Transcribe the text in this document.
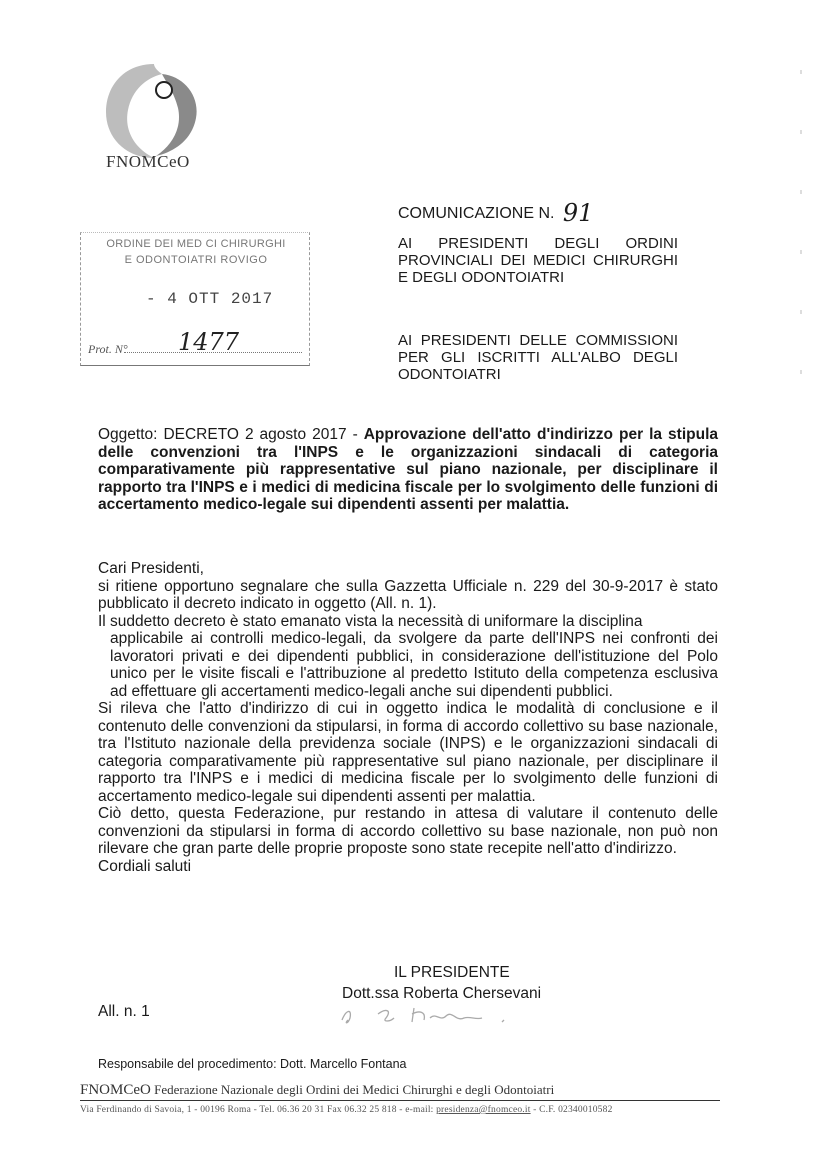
FNOMCeO
COMUNICAZIONE N. 91
AI PRESIDENTI DEGLI ORDINI PROVINCIALI DEI MEDICI CHIRURGHI E DEGLI ODONTOIATRI
AI PRESIDENTI DELLE COMMISSIONI PER GLI ISCRITTI ALL'ALBO DEGLI ODONTOIATRI
ORDINE DEI MED CI CHIRURGHI
E ODONTOIATRI ROVIGO
- 4 OTT 2017
Prot. N° 1477
Oggetto: DECRETO 2 agosto 2017 - Approvazione dell'atto d'indirizzo per la stipula delle convenzioni tra l'INPS e le organizzazioni sindacali di categoria comparativamente più rappresentative sul piano nazionale, per disciplinare il rapporto tra l'INPS e i medici di medicina fiscale per lo svolgimento delle funzioni di accertamento medico-legale sui dipendenti assenti per malattia.

Cari Presidenti,

si ritiene opportuno segnalare che sulla Gazzetta Ufficiale n. 229 del 30-9-2017 è stato pubblicato il decreto indicato in oggetto (All. n. 1).

Il suddetto decreto è stato emanato vista la necessità di uniformare la disciplina

applicabile ai controlli medico-legali, da svolgere da parte dell'INPS nei confronti dei lavoratori privati e dei dipendenti pubblici, in considerazione dell'istituzione del Polo unico per le visite fiscali e l'attribuzione al predetto Istituto della competenza esclusiva ad effettuare gli accertamenti medico-legali anche sui dipendenti pubblici.

Si rileva che l'atto d'indirizzo di cui in oggetto indica le modalità di conclusione e il contenuto delle convenzioni da stipularsi, in forma di accordo collettivo su base nazionale, tra l'Istituto nazionale della previdenza sociale (INPS) e le organizzazioni sindacali di categoria comparativamente più rappresentative sul piano nazionale, per disciplinare il rapporto tra l'INPS e i medici di medicina fiscale per lo svolgimento delle funzioni di accertamento medico-legale sui dipendenti assenti per malattia.

Ciò detto, questa Federazione, pur restando in attesa di valutare il contenuto delle convenzioni da stipularsi in forma di accordo collettivo su base nazionale, non può non rilevare che gran parte delle proprie proposte sono state recepite nell'atto d'indirizzo.

Cordiali saluti

IL PRESIDENTE
Dott.ssa Roberta Chersevani
All. n. 1
Responsabile del procedimento: Dott. Marcello Fontana
FNOMCeO Federazione Nazionale degli Ordini dei Medici Chirurghi e degli Odontoiatri
Via Ferdinando di Savoia, 1 - 00196 Roma - Tel. 06.36 20 31 Fax 06.32 25 818 - e-mail: presidenza@fnomceo.it - C.F. 02340010582
